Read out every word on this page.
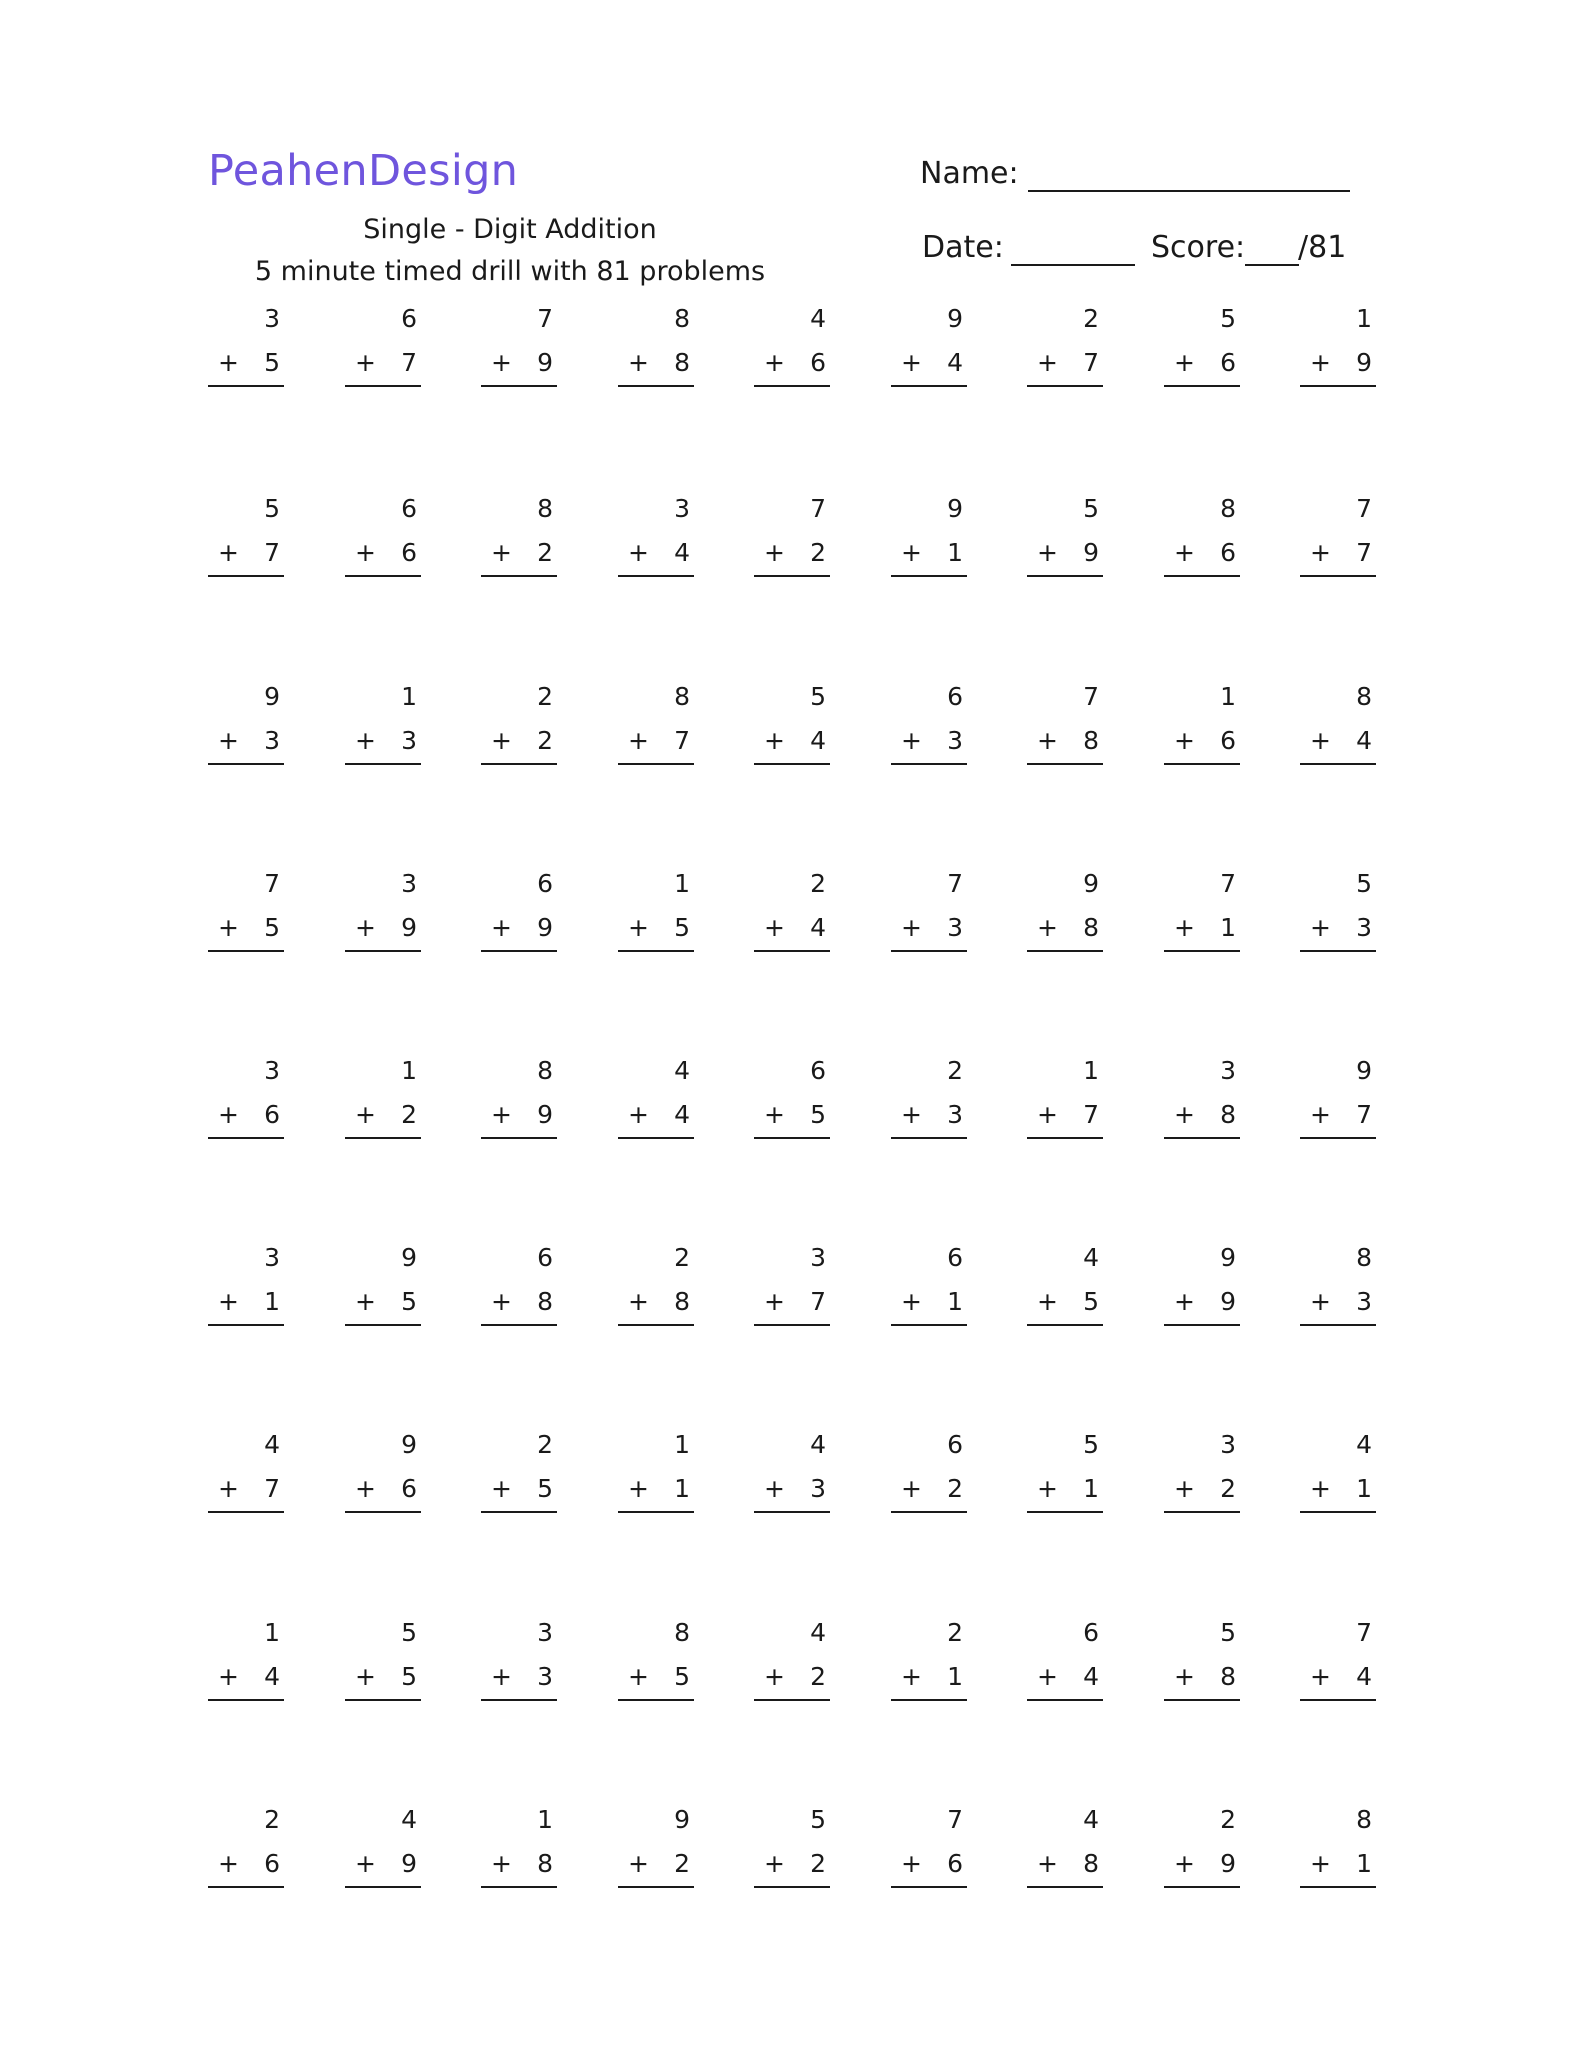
PeahenDesign
Single - Digit Addition
5 minute timed drill with 81 problems
Name:
Date:	Score: /81
3
+ 5
6
+ 7
7
+ 9
8
+ 8
4
+ 6
9
+ 4
2
+ 7
5
+ 6
1
+ 9
5
+ 7
6
+ 6
8
+ 2
3
+ 4
7
+ 2
9
+ 1
5
+ 9
8
+ 6
7
+ 7
9
+ 3
1
+ 3
2
+ 2
8
+ 7
5
+ 4
6
+ 3
7
+ 8
1
+ 6
8
+ 4
7
+ 5
3
+ 9
6
+ 9
1
+ 5
2
+ 4
7
+ 3
9
+ 8
7
+ 1
5
+ 3
3
+ 6
1
+ 2
8
+ 9
4
+ 4
6
+ 5
2
+ 3
1
+ 7
3
+ 8
9
+ 7
3
+ 1
9
+ 5
6
+ 8
2
+ 8
3
+ 7
6
+ 1
4
+ 5
9
+ 9
8
+ 3
4
+ 7
9
+ 6
2
+ 5
1
+ 1
4
+ 3
6
+ 2
5
+ 1
3
+ 2
4
+ 1
1
+ 4
5
+ 5
3
+ 3
8
+ 5
4
+ 2
2
+ 1
6
+ 4
5
+ 8
7
+ 4
2
+ 6
4
+ 9
1
+ 8
9
+ 2
5
+ 2
7
+ 6
4
+ 8
2
+ 9
8
+ 1
